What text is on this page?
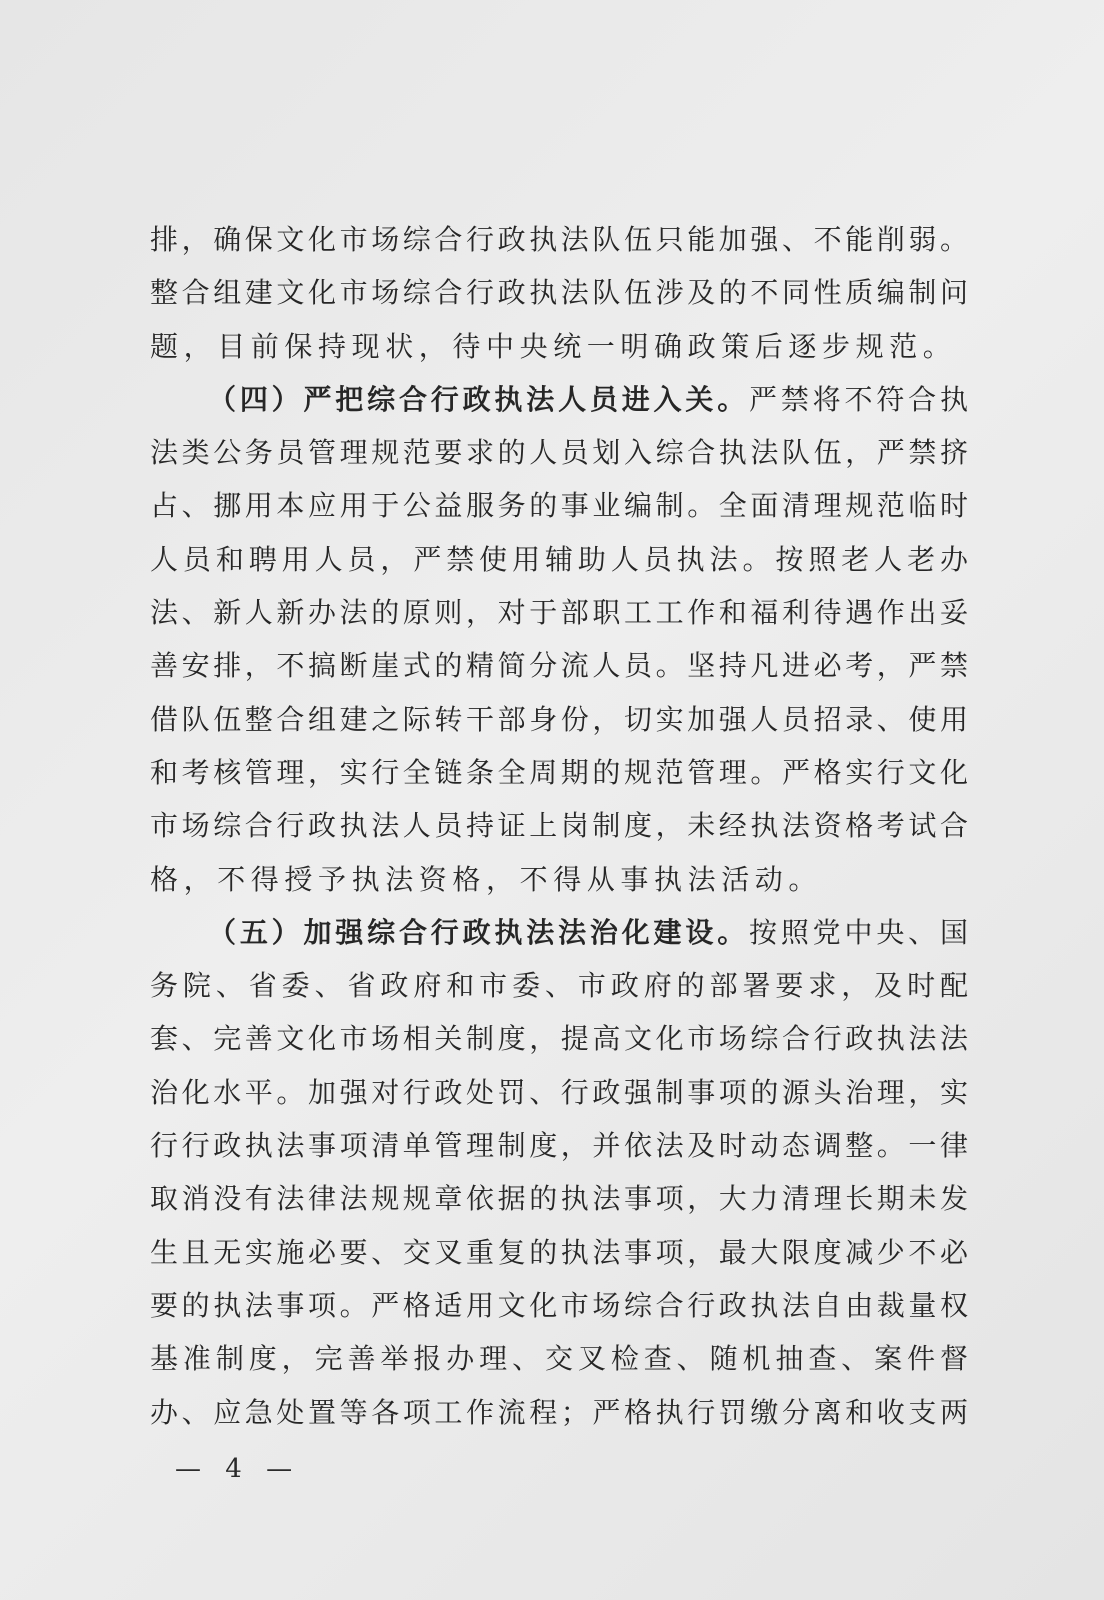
排，确保文化市场综合行政执法队伍只能加强、不能削弱。
整合组建文化市场综合行政执法队伍涉及的不同性质编制问
题，目前保持现状，待中央统一明确政策后逐步规范。
（四）严把综合行政执法人员进入关。严禁将不符合执
法类公务员管理规范要求的人员划入综合执法队伍，严禁挤
占、挪用本应用于公益服务的事业编制。全面清理规范临时
人员和聘用人员，严禁使用辅助人员执法。按照老人老办
法、新人新办法的原则，对于部职工工作和福利待遇作出妥
善安排，不搞断崖式的精简分流人员。坚持凡进必考，严禁
借队伍整合组建之际转干部身份，切实加强人员招录、使用
和考核管理，实行全链条全周期的规范管理。严格实行文化
市场综合行政执法人员持证上岗制度，未经执法资格考试合
格，不得授予执法资格，不得从事执法活动。
（五）加强综合行政执法法治化建设。按照党中央、国
务院、省委、省政府和市委、市政府的部署要求，及时配
套、完善文化市场相关制度，提高文化市场综合行政执法法
治化水平。加强对行政处罚、行政强制事项的源头治理，实
行行政执法事项清单管理制度，并依法及时动态调整。一律
取消没有法律法规规章依据的执法事项，大力清理长期未发
生且无实施必要、交叉重复的执法事项，最大限度减少不必
要的执法事项。严格适用文化市场综合行政执法自由裁量权
基准制度，完善举报办理、交叉检查、随机抽查、案件督
办、应急处置等各项工作流程；严格执行罚缴分离和收支两
— 4 —
